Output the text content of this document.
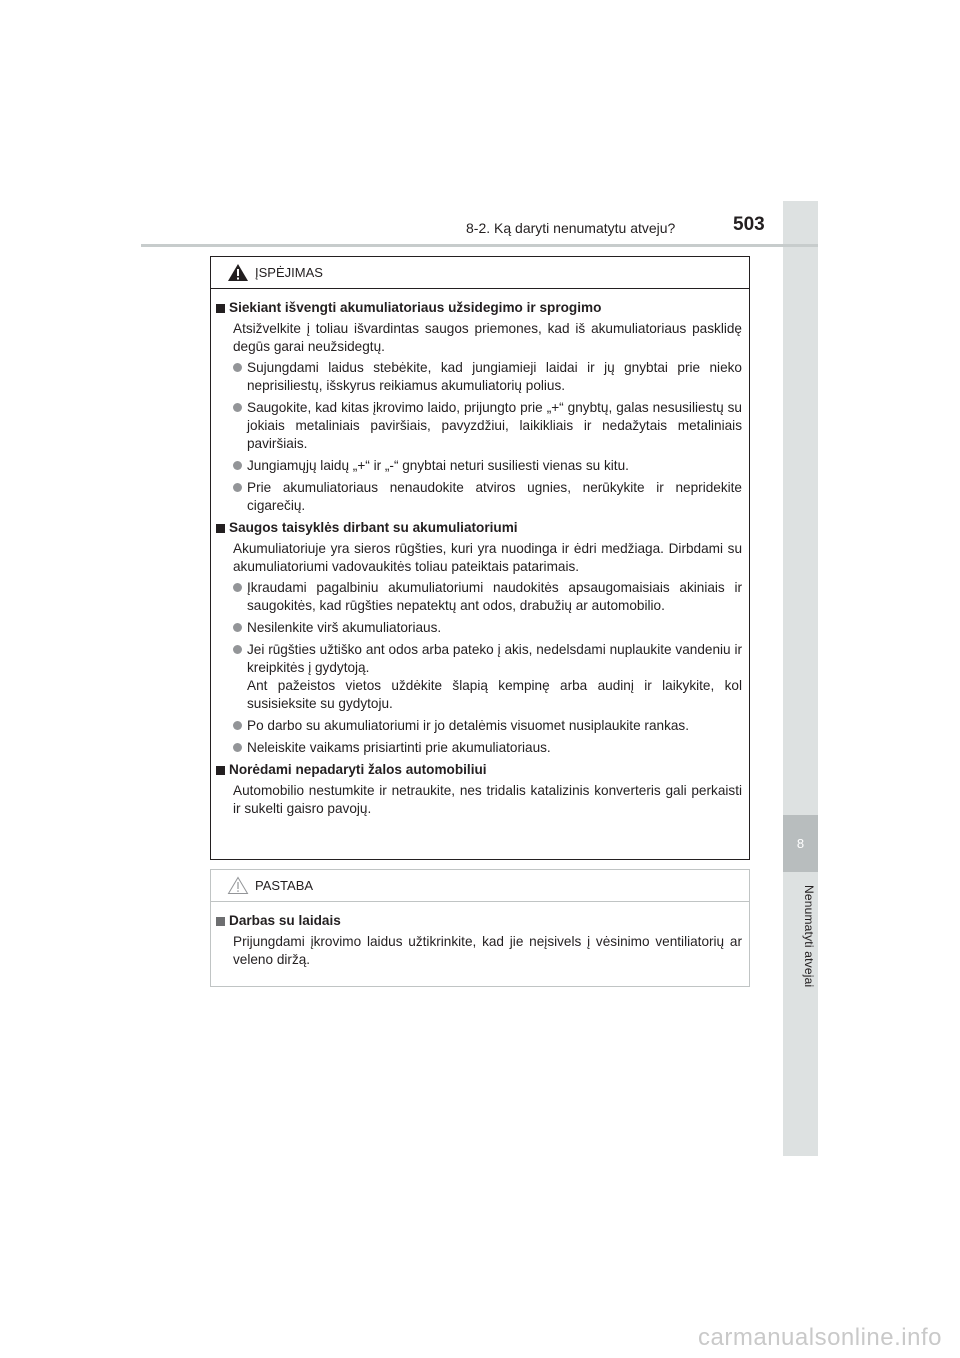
8
Nenumatyti atvejai
8-2. Ką daryti nenumatytu atveju?	503
ĮSPĖJIMAS
Siekiant išvengti akumuliatoriaus užsidegimo ir sprogimo
Atsižvelkite į toliau išvardintas saugos priemones, kad iš akumuliatoriaus pasklidę degūs garai neužsidegtų.

Sujungdami laidus stebėkite, kad jungiamieji laidai ir jų gnybtai prie nieko neprisiliestų, išskyrus reikiamus akumuliatorių polius.

Saugokite, kad kitas įkrovimo laido, prijungto prie „+“ gnybtų, galas nesusiliestų su jokiais metaliniais paviršiais, pavyzdžiui, laikikliais ir nedažytais metaliniais paviršiais.

Jungiamųjų laidų „+“ ir „-“ gnybtai neturi susiliesti vienas su kitu.

Prie akumuliatoriaus nenaudokite atviros ugnies, nerūkykite ir nepridekite cigarečių.

Saugos taisyklės dirbant su akumuliatoriumi
Akumuliatoriuje yra sieros rūgšties, kuri yra nuodinga ir ėdri medžiaga. Dirbdami su akumuliatoriumi vadovaukitės toliau pateiktais patarimais.

Įkraudami pagalbiniu akumuliatoriumi naudokitės apsaugomaisiais akiniais ir saugokitės, kad rūgšties nepatektų ant odos, drabužių ar automobilio.

Nesilenkite virš akumuliatoriaus.

Jei rūgšties užtiško ant odos arba pateko į akis, nedelsdami nuplaukite vandeniu ir kreipkitės į gydytoją.

Ant pažeistos vietos uždėkite šlapią kempinę arba audinį ir laikykite, kol susisieksite su gydytoju.

Po darbo su akumuliatoriumi ir jo detalėmis visuomet nusiplaukite rankas.

Neleiskite vaikams prisiartinti prie akumuliatoriaus.

Norėdami nepadaryti žalos automobiliui
Automobilio nestumkite ir netraukite, nes tridalis katalizinis konverteris gali perkaisti ir sukelti gaisro pavojų.
PASTABA
Darbas su laidais
Prijungdami įkrovimo laidus užtikrinkite, kad jie neįsivels į vėsinimo ventiliatorių ar veleno diržą.
carmanualsonline.info
